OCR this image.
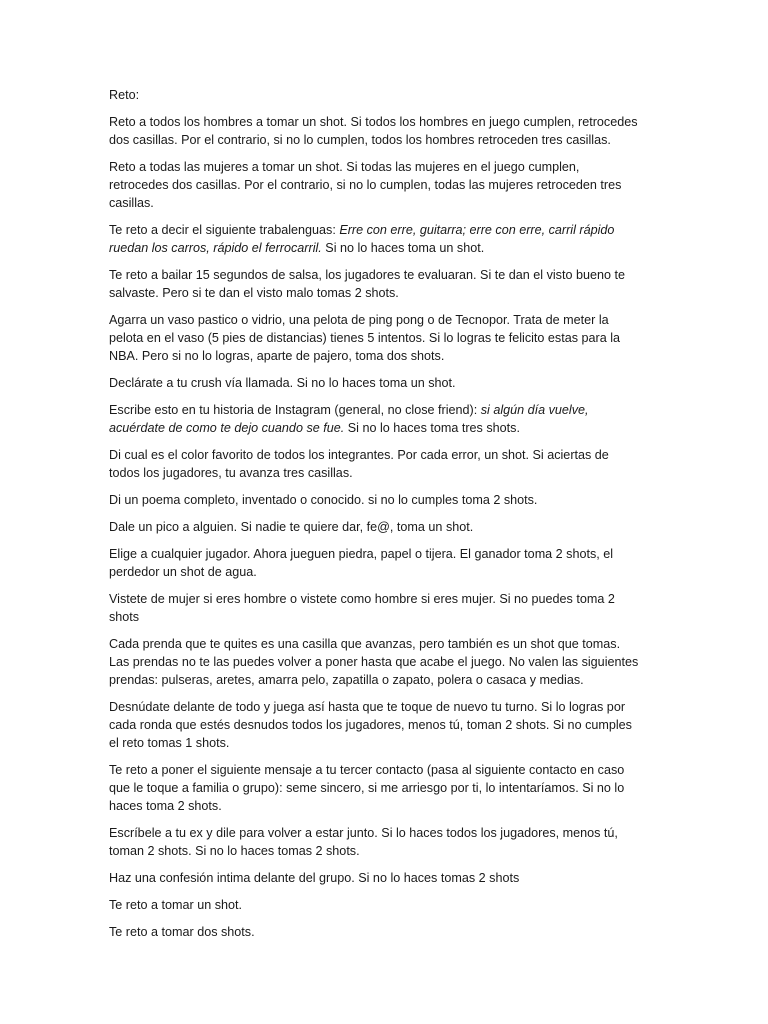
Reto:

Reto a todos los hombres a tomar un shot. Si todos los hombres en juego cumplen, retrocedes dos casillas. Por el contrario, si no lo cumplen, todos los hombres retroceden tres casillas.

Reto a todas las mujeres a tomar un shot. Si todas las mujeres en el juego cumplen, retrocedes dos casillas. Por el contrario, si no lo cumplen, todas las mujeres retroceden tres casillas.

Te reto a decir el siguiente trabalenguas: Erre con erre, guitarra; erre con erre, carril rápido ruedan los carros, rápido el ferrocarril. Si no lo haces toma un shot.

Te reto a bailar 15 segundos de salsa, los jugadores te evaluaran. Si te dan el visto bueno te salvaste. Pero si te dan el visto malo tomas 2 shots.

Agarra un vaso pastico o vidrio, una pelota de ping pong o de Tecnopor. Trata de meter la pelota en el vaso (5 pies de distancias) tienes 5 intentos. Si lo logras te felicito estas para la NBA. Pero si no lo logras, aparte de pajero, toma dos shots.

Declárate a tu crush vía llamada. Si no lo haces toma un shot.

Escribe esto en tu historia de Instagram (general, no close friend): si algún día vuelve, acuérdate de como te dejo cuando se fue. Si no lo haces toma tres shots.

Di cual es el color favorito de todos los integrantes. Por cada error, un shot. Si aciertas de todos los jugadores, tu avanza tres casillas.

Di un poema completo, inventado o conocido. si no lo cumples toma 2 shots.

Dale un pico a alguien. Si nadie te quiere dar, fe@, toma un shot.

Elige a cualquier jugador. Ahora jueguen piedra, papel o tijera. El ganador toma 2 shots, el perdedor un shot de agua.

Vistete de mujer si eres hombre o vistete como hombre si eres mujer. Si no puedes toma 2 shots

Cada prenda que te quites es una casilla que avanzas, pero también es un shot que tomas. Las prendas no te las puedes volver a poner hasta que acabe el juego. No valen las siguientes prendas: pulseras, aretes, amarra pelo, zapatilla o zapato, polera o casaca y medias.

Desnúdate delante de todo y juega así hasta que te toque de nuevo tu turno. Si lo logras por cada ronda que estés desnudos todos los jugadores, menos tú, toman 2 shots. Si no cumples el reto tomas 1 shots.

Te reto a poner el siguiente mensaje a tu tercer contacto (pasa al siguiente contacto en caso que le toque a familia o grupo): seme sincero, si me arriesgo por ti, lo intentaríamos. Si no lo haces toma 2 shots.

Escríbele a tu ex y dile para volver a estar junto. Si lo haces todos los jugadores, menos tú, toman 2 shots. Si no lo haces tomas 2 shots.

Haz una confesión intima delante del grupo. Si no lo haces tomas 2 shots

Te reto a tomar un shot.

Te reto a tomar dos shots.
